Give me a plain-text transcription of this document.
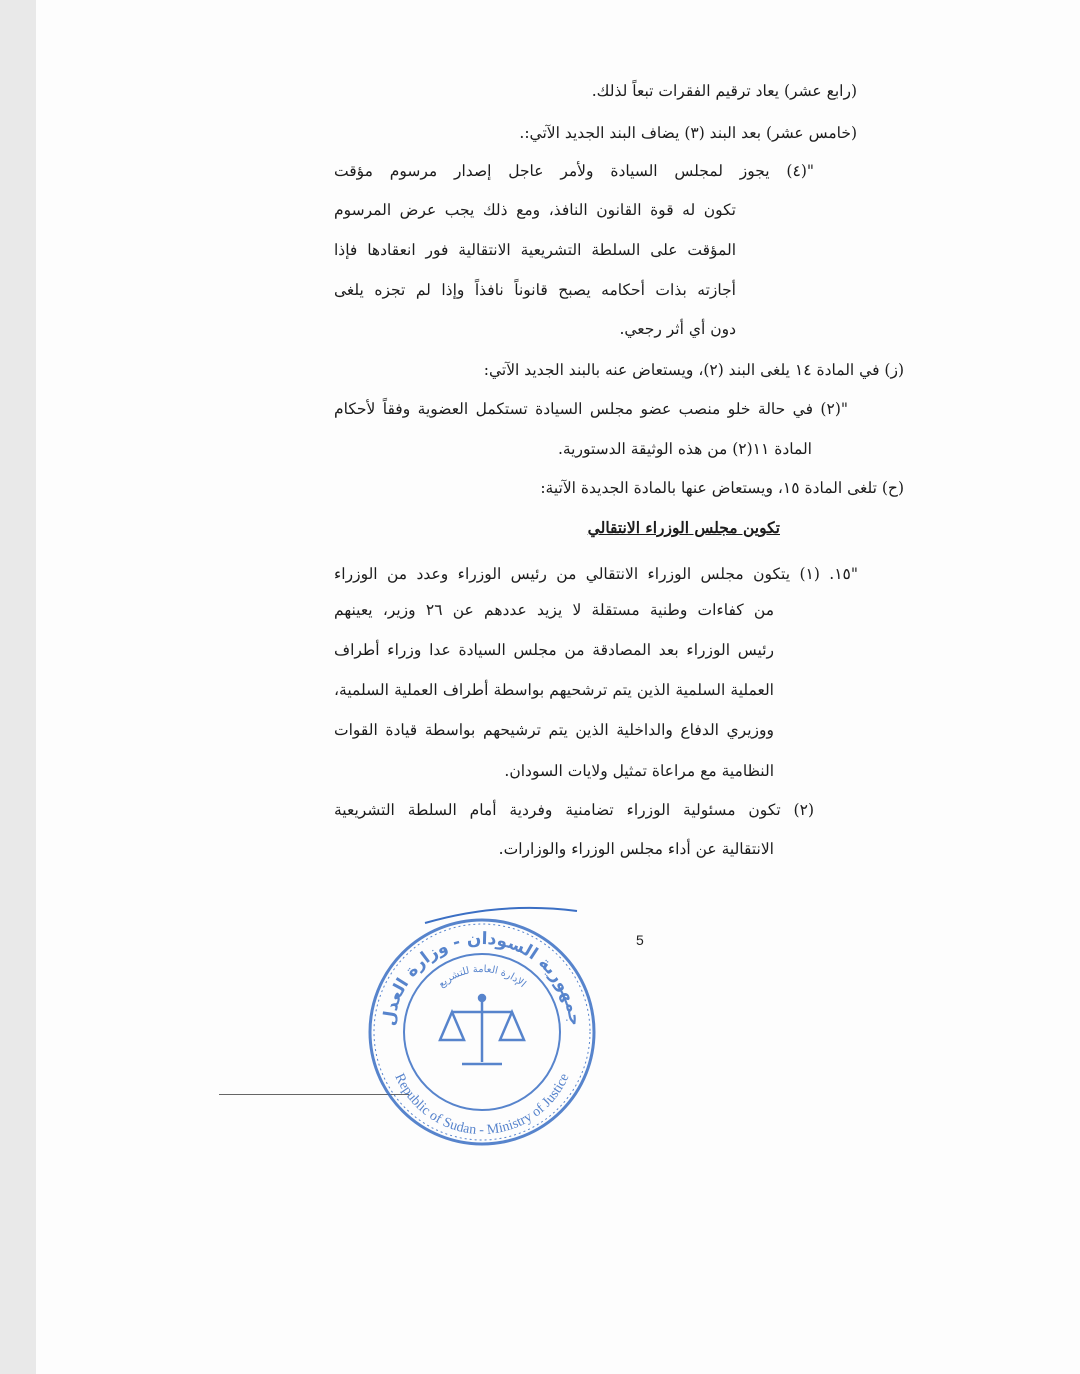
(رابع عشر) يعاد ترقيم الفقرات تبعاً لذلك.
(خامس عشر) بعد البند (٣) يضاف البند الجديد الآتي:.
"(٤) يجوز لمجلس السيادة ولأمر عاجل إصدار مرسوم مؤقت
تكون له قوة القانون النافذ، ومع ذلك يجب عرض المرسوم
المؤقت على السلطة التشريعية الانتقالية فور انعقادها فإذا
أجازته بذات أحكامه يصبح قانوناً نافذاً وإذا لم تجزه يلغى
دون أي أثر رجعي.
(ز) في المادة ١٤ يلغى البند (٢)، ويستعاض عنه بالبند الجديد الآتي:
"(٢) في حالة خلو منصب عضو مجلس السيادة تستكمل العضوية وفقاً لأحكام
المادة ١١(٢) من هذه الوثيقة الدستورية.
(ح) تلغى المادة ١٥، ويستعاض عنها بالمادة الجديدة الآتية:
تكوين مجلس الوزراء الانتقالي
"١٥. (١) يتكون مجلس الوزراء الانتقالي من رئيس الوزراء وعدد من الوزراء
من كفاءات وطنية مستقلة لا يزيد عددهم عن ٢٦ وزير، يعينهم
رئيس الوزراء بعد المصادقة من مجلس السيادة عدا وزراء أطراف
العملية السلمية الذين يتم ترشحيهم بواسطة أطراف العملية السلمية،
ووزيري الدفاع والداخلية الذين يتم ترشيحهم بواسطة قيادة القوات
النظامية مع مراعاة تمثيل ولايات السودان.
(٢) تكون مسئولية الوزراء تضامنية وفردية أمام السلطة التشريعية
الانتقالية عن أداء مجلس الوزراء والوزارات.
5
جمهورية السودان - وزارة العدل
Republic of Sudan - Ministry of Justice
الإدارة العامة للتشريع
